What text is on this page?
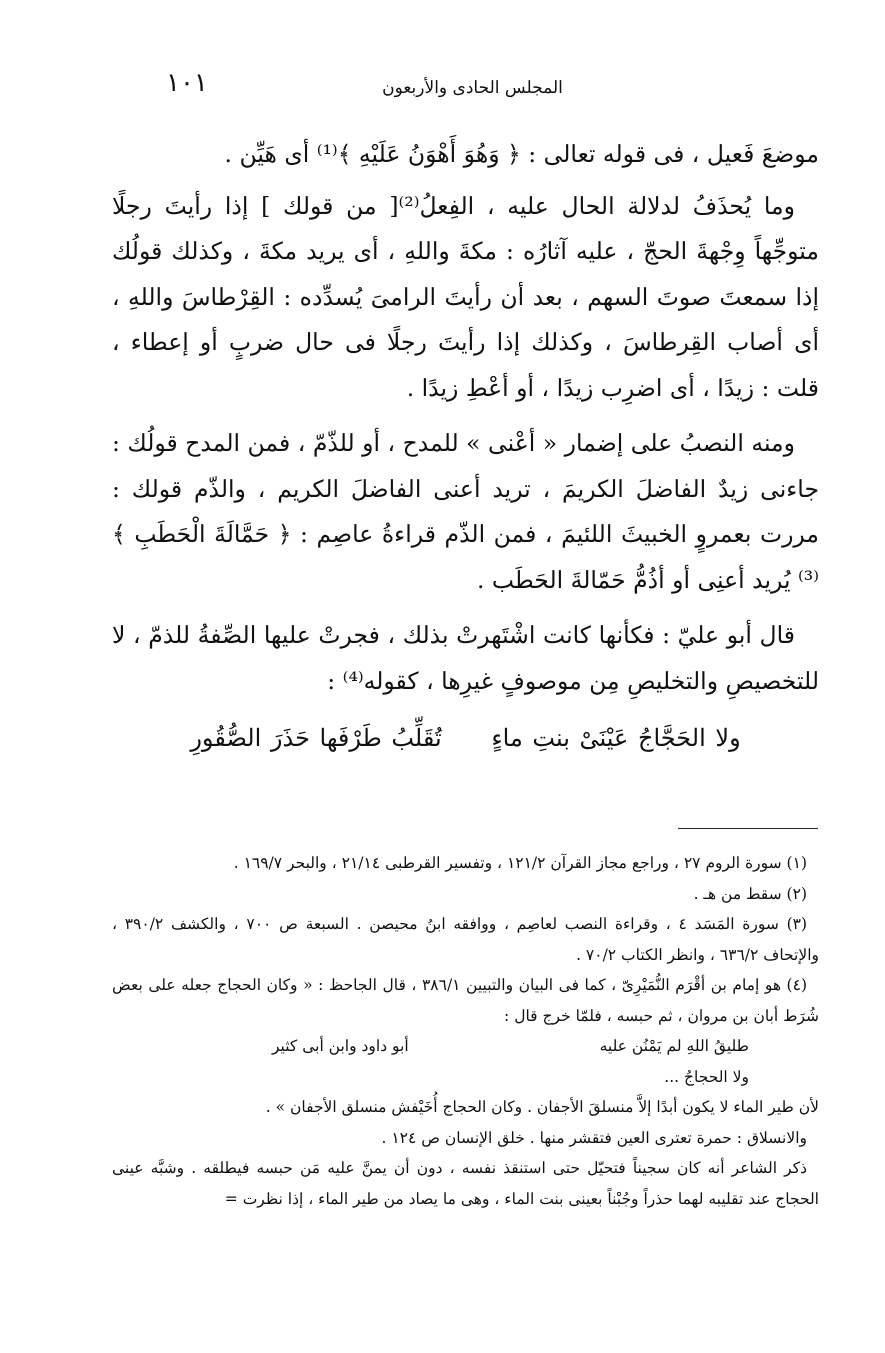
١٠١	المجلس الحادى والأربعون

موضعَ فَعيل ، فى قوله تعالى : ﴿ وَهُوَ أَهْوَنُ عَلَيْهِ ﴾⁽¹⁾ أى هَيِّن .

وما يُحذَفُ لدلالة الحال عليه ، الفِعلُ⁽²⁾[ من قولك ] إذا رأيتَ رجلًا متوجِّهاً وِجْهةَ الحجّ ، عليه آثارُه : مكةَ واللهِ ، أى يريد مكةَ ، وكذلك قولُك إذا سمعتَ صوتَ السهم ، بعد أن رأيتَ الرامىَ يُسدِّده : القِرْطاسَ واللهِ ، أى أصاب القِرطاسَ ، وكذلك إذا رأيتَ رجلًا فى حال ضربٍ أو إعطاء ، قلت : زيدًا ، أى اضرِب زيدًا ، أو أعْطِ زيدًا .

ومنه النصبُ على إضمار « أعْنى » للمدح ، أو للذّمّ ، فمن المدح قولُك : جاءنى زيدٌ الفاضلَ الكريمَ ، تريد أعنى الفاضلَ الكريم ، والذّم قولك : مررت بعمروٍ الخبيثَ اللئيمَ ، فمن الذّم قراءةُ عاصِم : ﴿ حَمَّالَةَ الْحَطَبِ ﴾⁽³⁾ يُريد أعنِى أو أذُمُّ حَمّالةَ الحَطَب .

قال أبو عليّ : فكأنها كانت اشْتَهرتْ بذلك ، فجرتْ عليها الصِّفةُ للذمّ ، لا للتخصيصِ والتخليصِ مِن موصوفٍ غيرِها ، كقوله⁽⁴⁾ :

ولا الحَجَّاجُ عَيْنَىْ بنتِ ماءٍ تُقَلِّبُ طَرْفَها حَذَرَ الصُّقُورِ

(١) سورة الروم ٢٧ ، وراجع مجاز القرآن ١٢١/٢ ، وتفسير القرطبى ٢١/١٤ ، والبحر ١٦٩/٧ .

(٢) سقط من هـ .

(٣) سورة المَسَد ٤ ، وقراءة النصب لعاصِم ، ووافقه ابنُ محيصن . السبعة ص ٧٠٠ ، والكشف ٣٩٠/٢ ، والإتحاف ٦٣٦/٢ ، وانظر الكتاب ٧٠/٢ .

(٤) هو إمام بن أقْرَم النُّمَيْرِىّ ، كما فى البيان والتبيين ٣٨٦/١ ، قال الجاحظ : « وكان الحجاج جعله على بعض شُرَط أبان بن مروان ، ثم حبسه ، فلمّا خرج قال :

طليقُ اللهِ لم يَمْنُن عليه
أبو داود وابن أبى كثير

ولا الحجاجُ ...

لأن طير الماء لا يكون أبدًا إلاَّ منسلقَ الأجفان . وكان الحجاج أُخَيْفش منسلق الأجفان » .

والانسلاق : حمرة تعترى العين فتقشر منها . خلق الإنسان ص ١٢٤ .

ذكر الشاعر أنه كان سجيناً فتحيّل حتى استنقذ نفسه ، دون أن يمنَّ عليه مَن حبسه فيطلقه . وشبَّه عينى الحجاج عند تقليبه لهما حذراً وجُبْناً بعينى بنت الماء ، وهى ما يصاد من طير الماء ، إذا نظرت =
